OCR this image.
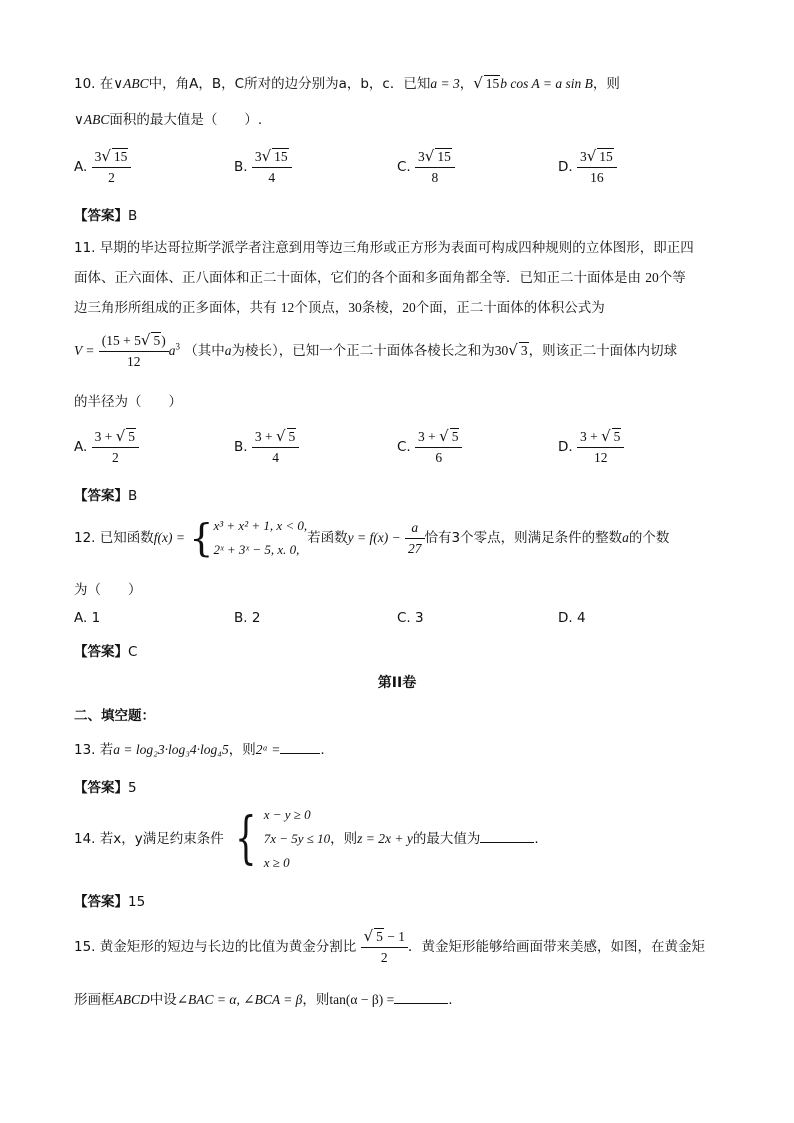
10. 在∨ABC中，角A，B，C所对的边分别为a，b，c．已知a = 3，√ 15b cos A = a sin B，则
∨ABC面积的最大值是（　　）.
A. $\frac{3√ 15}{2}$	B. $\frac{3√ 15}{4}$	C. $\frac{3√ 15}{8}$	D. $\frac{3√ 15}{16}$
【答案】B
11. 早期的毕达哥拉斯学派学者注意到用等边三角形或正方形为表面可构成四种规则的立体图形，即正四
面体、正六面体、正八面体和正二十面体，它们的各个面和多面角都全等．已知正二十面体是由 20个等
边三角形所组成的正多面体，共有 12个顶点，30条棱，20个面，正二十面体的体积公式为
$V = \frac{(15 + 5√ 5)}{12} a^3$ （其中a为棱长），已知一个正二十面体各棱长之和为30√ 3，则该正二十面体内切球
的半径为（　　）
A. $\frac{3 + √ 5}{2}$	B. $\frac{3 + √ 5}{4}$	C. $\frac{3 + √ 5}{6}$	D. $\frac{3 + √ 5}{12}$
【答案】B
12. 已知函数f(x) = { x³ + x² + 1, x < 0,
2ˣ + 3ˣ − 5, x. 0,
若函数$y = f(x) - \frac{a}{27}$ 恰有3个零点，则满足条件的整数a的个数
为（　　）
A. 1	B. 2	C. 3	D. 4
【答案】C
第II卷
二、填空题：
13. 若a = log₂3·log₃4·log₄5，则2ᵃ =	.
【答案】5
14. 若x，y满足约束条件 { x − y ≥ 0
7x − 5y ≤ 10
x ≥ 0
，则z = 2x + y的最大值为	.
【答案】15
15. 黄金矩形的短边与长边的比值为黄金分割比 $\frac{√ 5 - 1}{2}$ ．黄金矩形能够给画面带来美感，如图，在黄金矩
形画框ABCD中设∠BAC = α, ∠BCA = β，则tan(α − β) =	.
